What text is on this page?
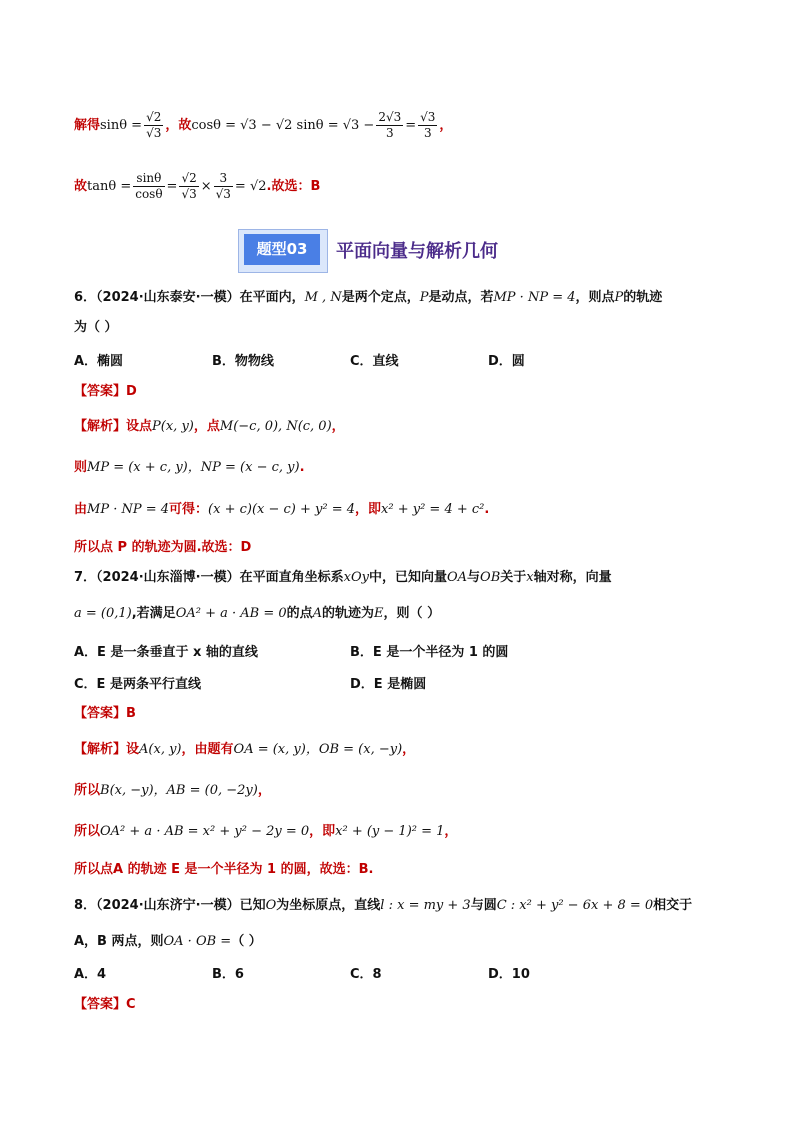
解得$\sin\theta = \frac{√2}{√3}$ ，故cosθ = √3 − √2 $\sin\theta = √3 - \frac{2√3}{3} = \frac{√3}{3}$ ，
故$\tan\theta = \frac{\sin\theta}{\cos\theta} = \frac{√2}{√3} \times \frac{3}{√3} = √2$.故选：B
题型03	平面向量与解析几何
6．（2024·山东泰安·一模）在平面内，M , N是两个定点，P是动点，若MP · NP = 4，则点P的轨迹
为（ ）
A．椭圆	B．物物线	C．直线	D．圆
【答案】D
【解析】设点P(x, y)，点M(−c, 0), N(c, 0)，
则MP = (x + c, y)，NP = (x − c, y).
由MP · NP = 4可得：(x + c)(x − c) + y² = 4，即x² + y² = 4 + c².
所以点 P 的轨迹为圆.故选：D
7．（2024·山东淄博·一模）在平面直角坐标系xOy中，已知向量OA与OB关于x轴对称，向量
a = (0,1),若满足OA² + a · AB = 0的点A的轨迹为E，则（ ）
A．E 是一条垂直于 x 轴的直线	B．E 是一个半径为 1 的圆
C．E 是两条平行直线	D．E 是椭圆
【答案】B
【解析】设A(x, y)，由题有OA = (x, y)，OB = (x, −y)，
所以B(x, −y)，AB = (0, −2y)，
所以OA² + a · AB = x² + y² − 2y = 0，即x² + (y − 1)² = 1，
所以点A 的轨迹 E 是一个半径为 1 的圆，故选：B.
8．（2024·山东济宁·一模）已知O为坐标原点，直线l : x = my + 3与圆C : x² + y² − 6x + 8 = 0相交于
A，B 两点，则OA · OB =（ ）
A．4	B．6	C．8	D．10
【答案】C
